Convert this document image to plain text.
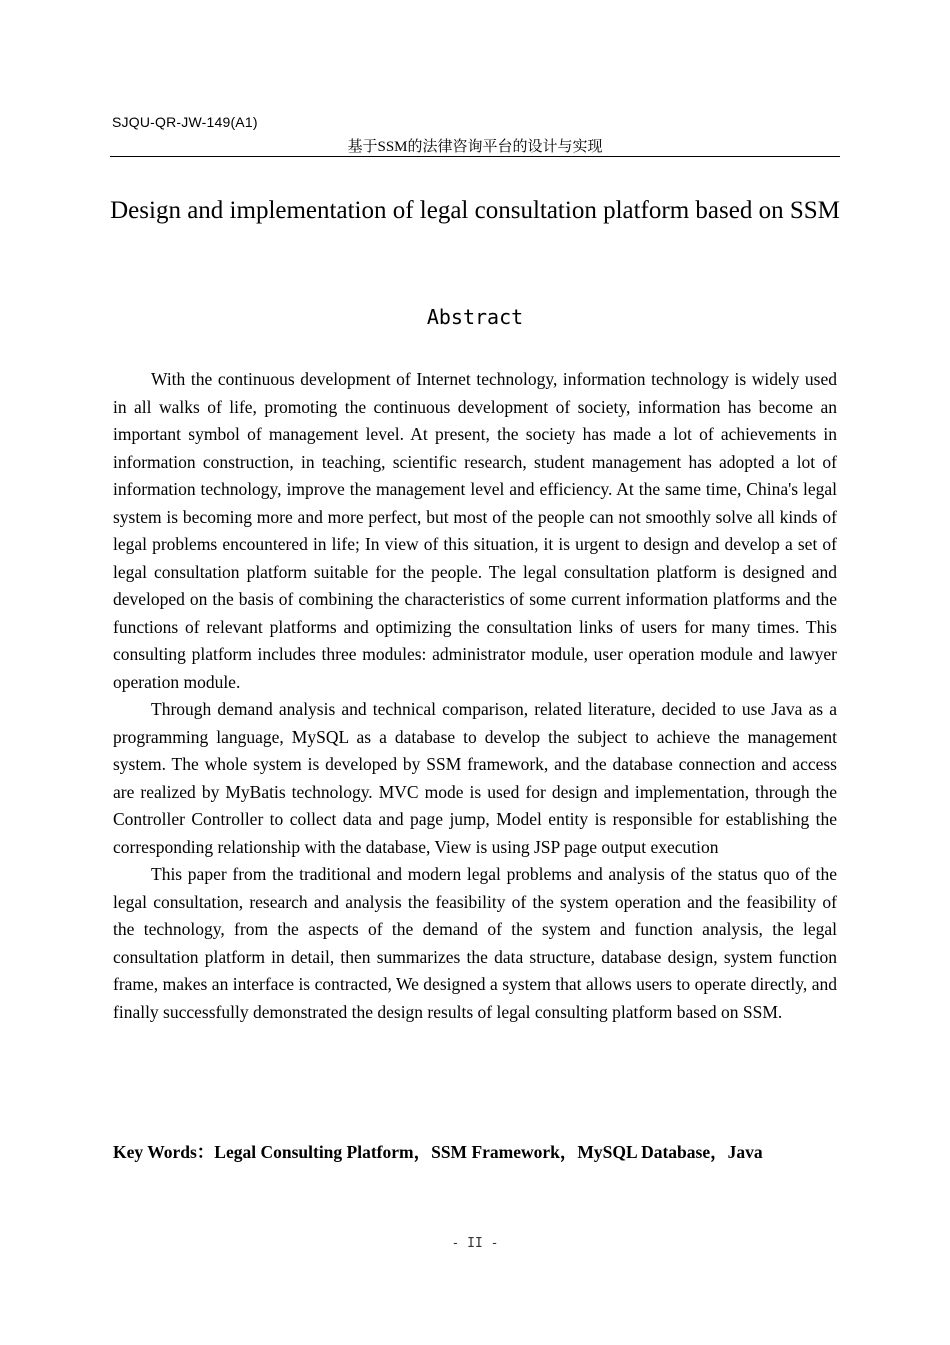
SJQU-QR-JW-149(A1)
基于SSM的法律咨询平台的设计与实现
Design and implementation of legal consultation platform based on SSM
Abstract

With the continuous development of Internet technology, information technology is widely used in all walks of life, promoting the continuous development of society, information has become an important symbol of management level. At present, the society has made a lot of achievements in information construction, in teaching, scientific research, student management has adopted a lot of information technology, improve the management level and efficiency. At the same time, China's legal system is becoming more and more perfect, but most of the people can not smoothly solve all kinds of legal problems encountered in life; In view of this situation, it is urgent to design and develop a set of legal consultation platform suitable for the people. The legal consultation platform is designed and developed on the basis of combining the characteristics of some current information platforms and the functions of relevant platforms and optimizing the consultation links of users for many times. This consulting platform includes three modules: administrator module, user operation module and lawyer operation module.

Through demand analysis and technical comparison, related literature, decided to use Java as a programming language, MySQL as a database to develop the subject to achieve the management system. The whole system is developed by SSM framework, and the database connection and access are realized by MyBatis technology. MVC mode is used for design and implementation, through the Controller Controller to collect data and page jump, Model entity is responsible for establishing the corresponding relationship with the database, View is using JSP page output execution

This paper from the traditional and modern legal problems and analysis of the status quo of the legal consultation, research and analysis the feasibility of the system operation and the feasibility of the technology, from the aspects of the demand of the system and function analysis, the legal consultation platform in detail, then summarizes the data structure, database design, system function frame, makes an interface is contracted, We designed a system that allows users to operate directly, and finally successfully demonstrated the design results of legal consulting platform based on SSM.

Key Words：Legal Consulting Platform，SSM Framework，MySQL Database，Java
- II -
